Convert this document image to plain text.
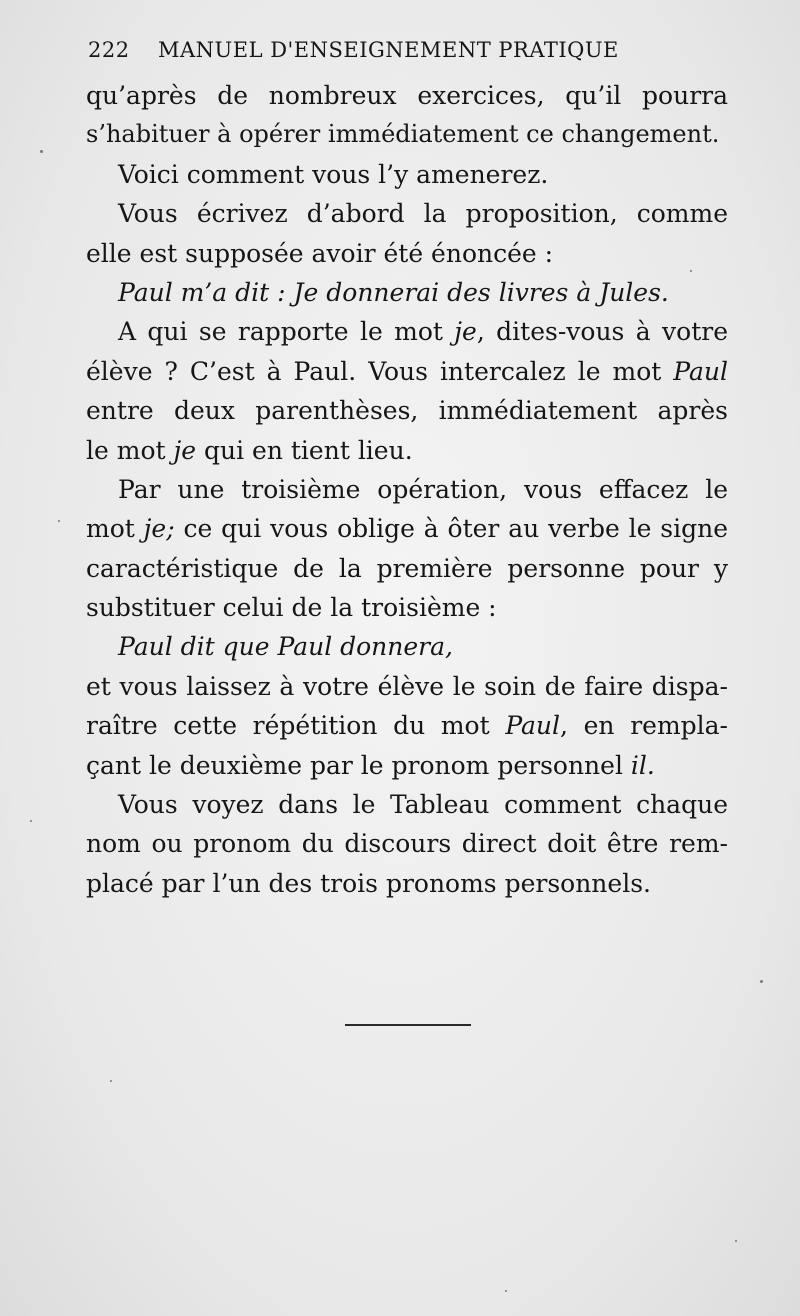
222 MANUEL D'ENSEIGNEMENT PRATIQUE
qu’après de nombreux exercices, qu’il pourra
s’habituer à opérer immédiatement ce changement.
Voici comment vous l’y amenerez.
Vous écrivez d’abord la proposition, comme
elle est supposée avoir été énoncée :
Paul m’a dit : Je donnerai des livres à Jules.
A qui se rapporte le mot je, dites-vous à votre
élève ? C’est à Paul. Vous intercalez le mot Paul
entre deux parenthèses, immédiatement après
le mot je qui en tient lieu.
Par une troisième opération, vous effacez le
mot je; ce qui vous oblige à ôter au verbe le signe
caractéristique de la première personne pour y
substituer celui de la troisième :
Paul dit que Paul donnera,
et vous laissez à votre élève le soin de faire dispa-
raître cette répétition du mot Paul, en rempla-
çant le deuxième par le pronom personnel il.
Vous voyez dans le Tableau comment chaque
nom ou pronom du discours direct doit être rem-
placé par l’un des trois pronoms personnels.
